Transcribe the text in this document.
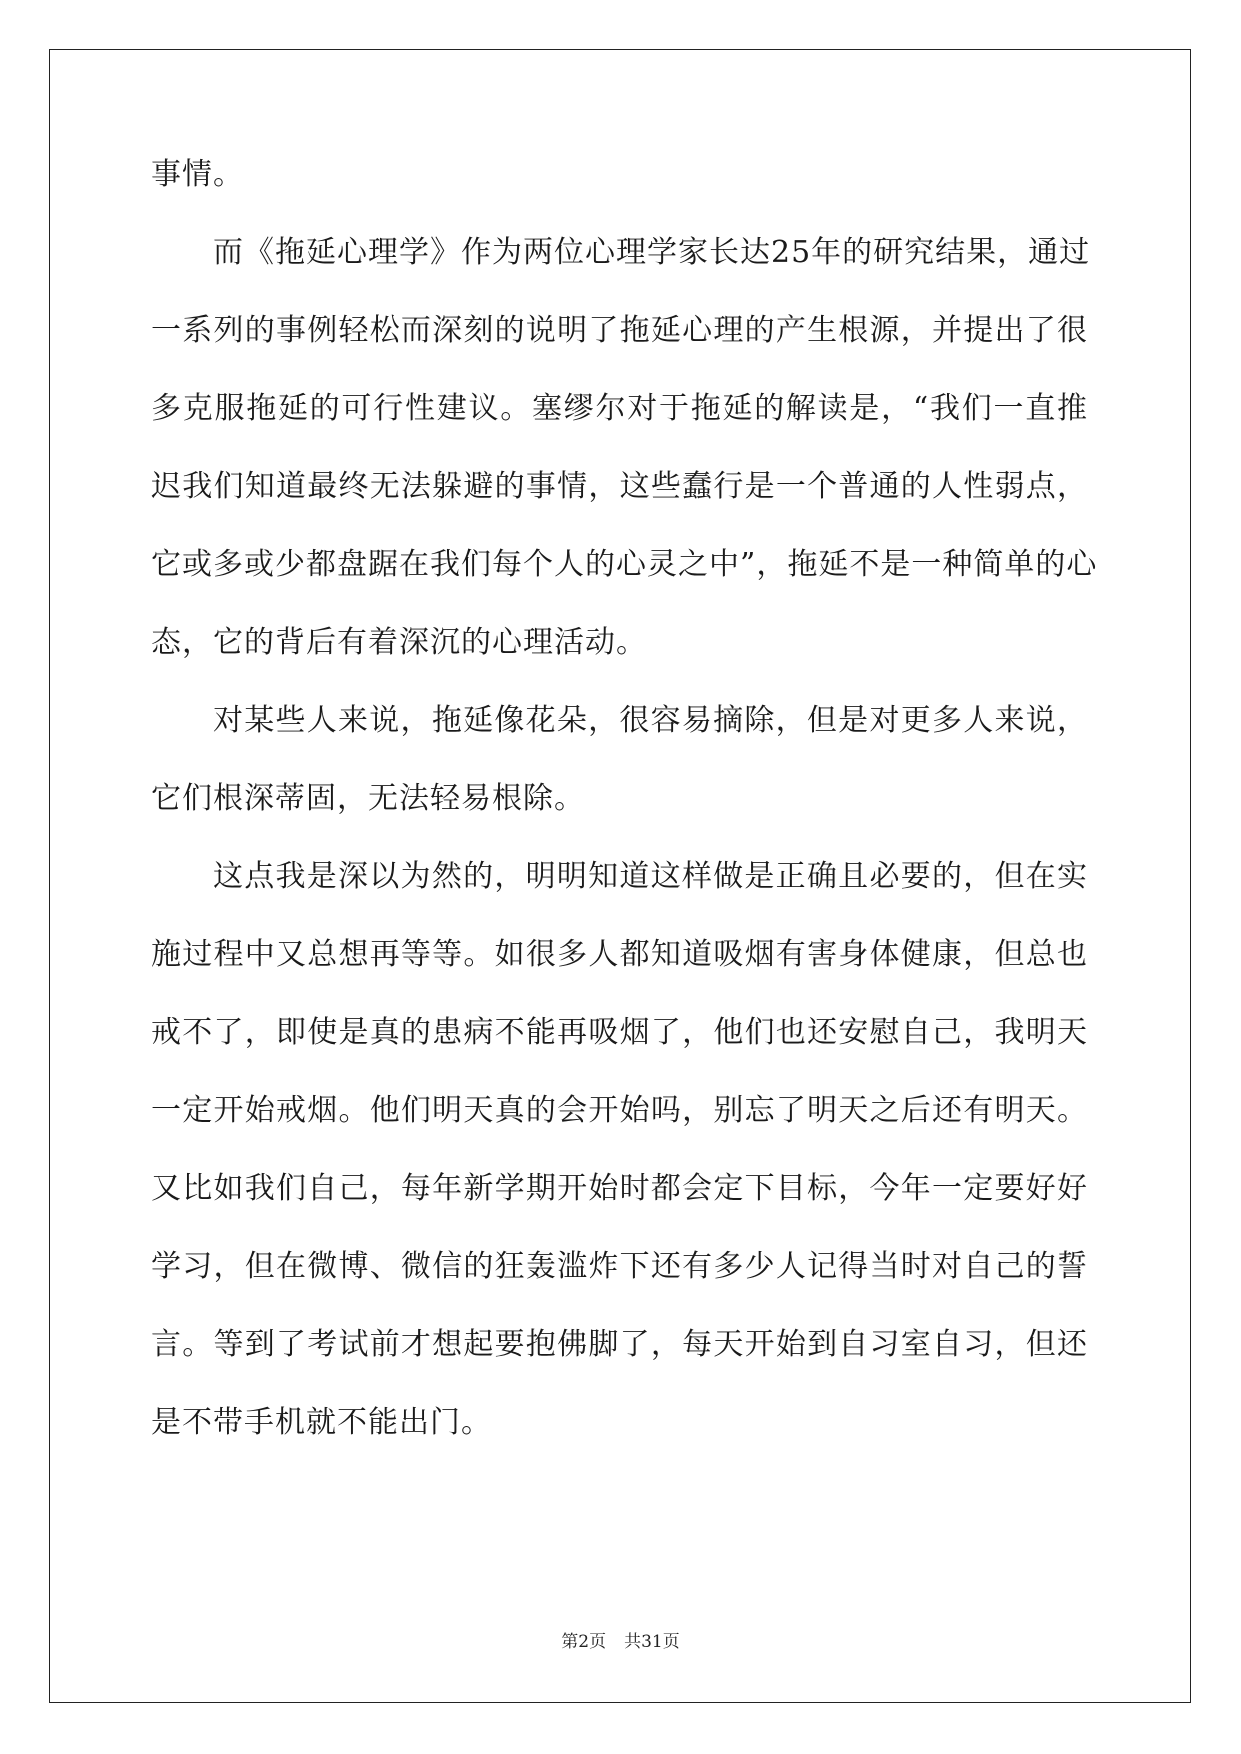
事情。
而《拖延心理学》作为两位心理学家长达25年的研究结果，通过
一系列的事例轻松而深刻的说明了拖延心理的产生根源，并提出了很
多克服拖延的可行性建议。塞缪尔对于拖延的解读是，“我们一直推
迟我们知道最终无法躲避的事情，这些蠢行是一个普通的人性弱点，
它或多或少都盘踞在我们每个人的心灵之中”，拖延不是一种简单的心
态，它的背后有着深沉的心理活动。
对某些人来说，拖延像花朵，很容易摘除，但是对更多人来说，
它们根深蒂固，无法轻易根除。
这点我是深以为然的，明明知道这样做是正确且必要的，但在实
施过程中又总想再等等。如很多人都知道吸烟有害身体健康，但总也
戒不了，即使是真的患病不能再吸烟了，他们也还安慰自己，我明天
一定开始戒烟。他们明天真的会开始吗，别忘了明天之后还有明天。
又比如我们自己，每年新学期开始时都会定下目标，今年一定要好好
学习，但在微博、微信的狂轰滥炸下还有多少人记得当时对自己的誓
言。等到了考试前才想起要抱佛脚了，每天开始到自习室自习，但还
是不带手机就不能出门。
第2页 共31页
